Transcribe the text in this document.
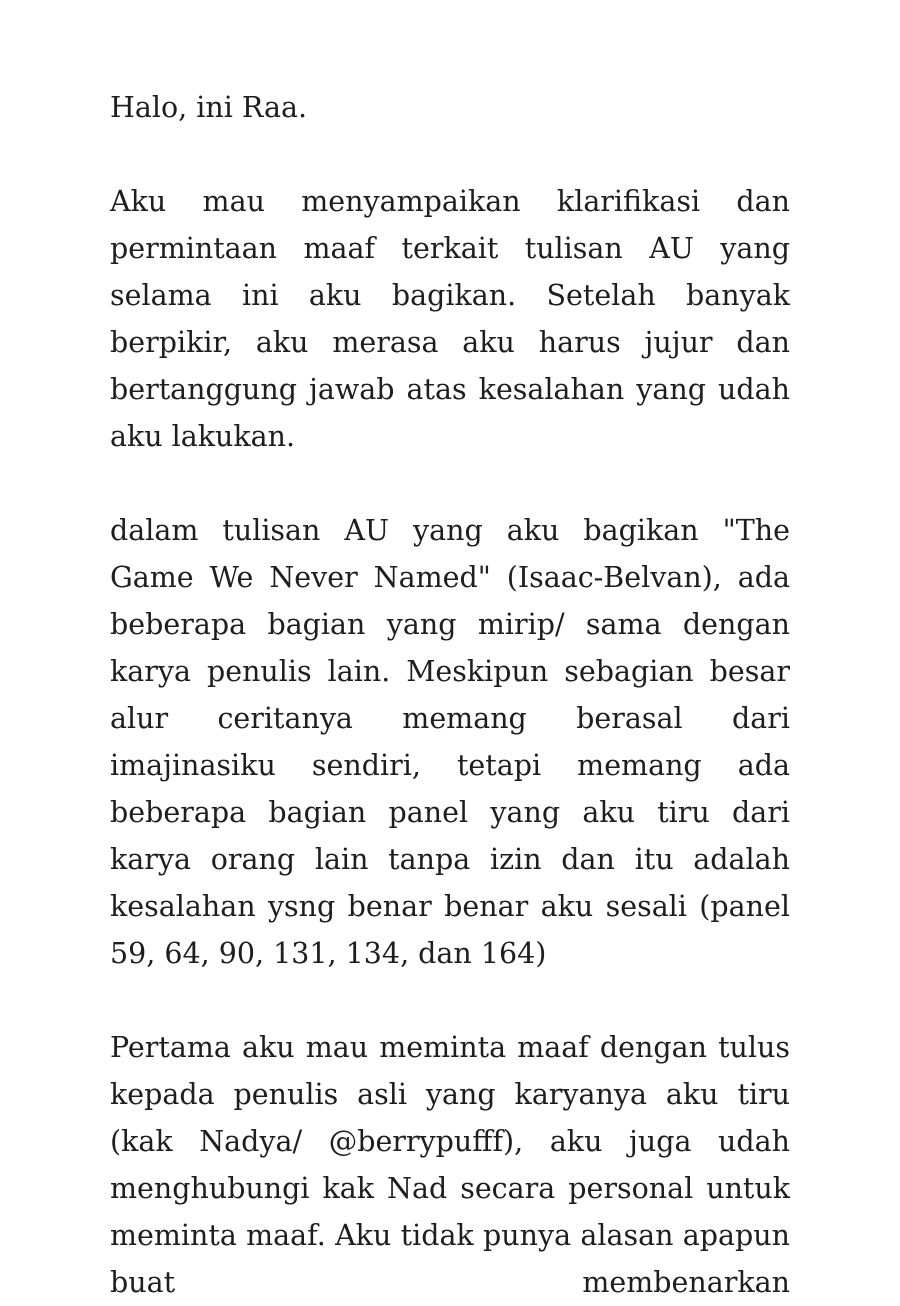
Halo, ini Raa.

Aku mau menyampaikan klarifikasi dan permintaan maaf terkait tulisan AU yang selama ini aku bagikan. Setelah banyak berpikir, aku merasa aku harus jujur dan bertanggung jawab atas kesalahan yang udah aku lakukan.

dalam tulisan AU yang aku bagikan "The Game We Never Named" (Isaac-Belvan), ada beberapa bagian yang mirip/ sama dengan karya penulis lain. Meskipun sebagian besar alur ceritanya memang berasal dari imajinasiku sendiri, tetapi memang ada beberapa bagian panel yang aku tiru dari karya orang lain tanpa izin dan itu adalah kesalahan ysng benar benar aku sesali (panel 59, 64, 90, 131, 134, dan 164)

Pertama aku mau meminta maaf dengan tulus kepada penulis asli yang karyanya aku tiru (kak Nadya/ @berrypufff), aku juga udah menghubungi kak Nad secara personal untuk meminta maaf. Aku tidak punya alasan apapun buat membenarkan
